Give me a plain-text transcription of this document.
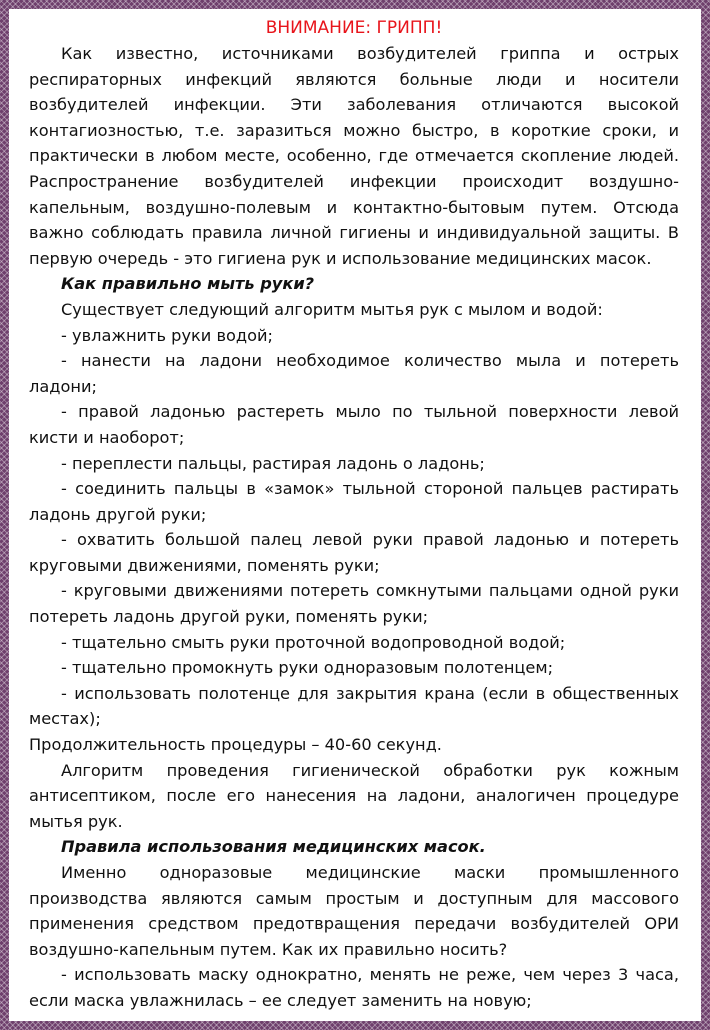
ВНИМАНИЕ: ГРИПП!

Как известно, источниками возбудителей гриппа и острых респираторных инфекций являются больные люди и носители возбудителей инфекции. Эти заболевания отличаются высокой контагиозностью, т.е. заразиться можно быстро, в короткие сроки, и практически в любом месте, особенно, где отмечается скопление людей. Распространение возбудителей инфекции происходит воздушно-капельным, воздушно-полевым и контактно-бытовым путем. Отсюда важно соблюдать правила личной гигиены и индивидуальной защиты. В первую очередь - это гигиена рук и использование медицинских масок.

Как правильно мыть руки?

Существует следующий алгоритм мытья рук с мылом и водой:

- увлажнить руки водой;

- нанести на ладони необходимое количество мыла и потереть ладони;

- правой ладонью растереть мыло по тыльной поверхности левой кисти и наоборот;

- переплести пальцы, растирая ладонь о ладонь;

- соединить пальцы в «замок» тыльной стороной пальцев растирать ладонь другой руки;

- охватить большой палец левой руки правой ладонью и потереть круговыми движениями, поменять руки;

- круговыми движениями потереть сомкнутыми пальцами одной руки потереть ладонь другой руки, поменять руки;

- тщательно смыть руки проточной водопроводной водой;

- тщательно промокнуть руки одноразовым полотенцем;

- использовать полотенце для закрытия крана (если в общественных местах);

Продолжительность процедуры – 40-60 секунд.

Алгоритм проведения гигиенической обработки рук кожным антисептиком, после его нанесения на ладони, аналогичен процедуре мытья рук.

Правила использования медицинских масок.

Именно одноразовые медицинские маски промышленного производства являются самым простым и доступным для массового применения средством предотвращения передачи возбудителей ОРИ воздушно-капельным путем. Как их правильно носить?

- использовать маску однократно, менять не реже, чем через 3 часа, если маска увлажнилась – ее следует заменить на новую;
